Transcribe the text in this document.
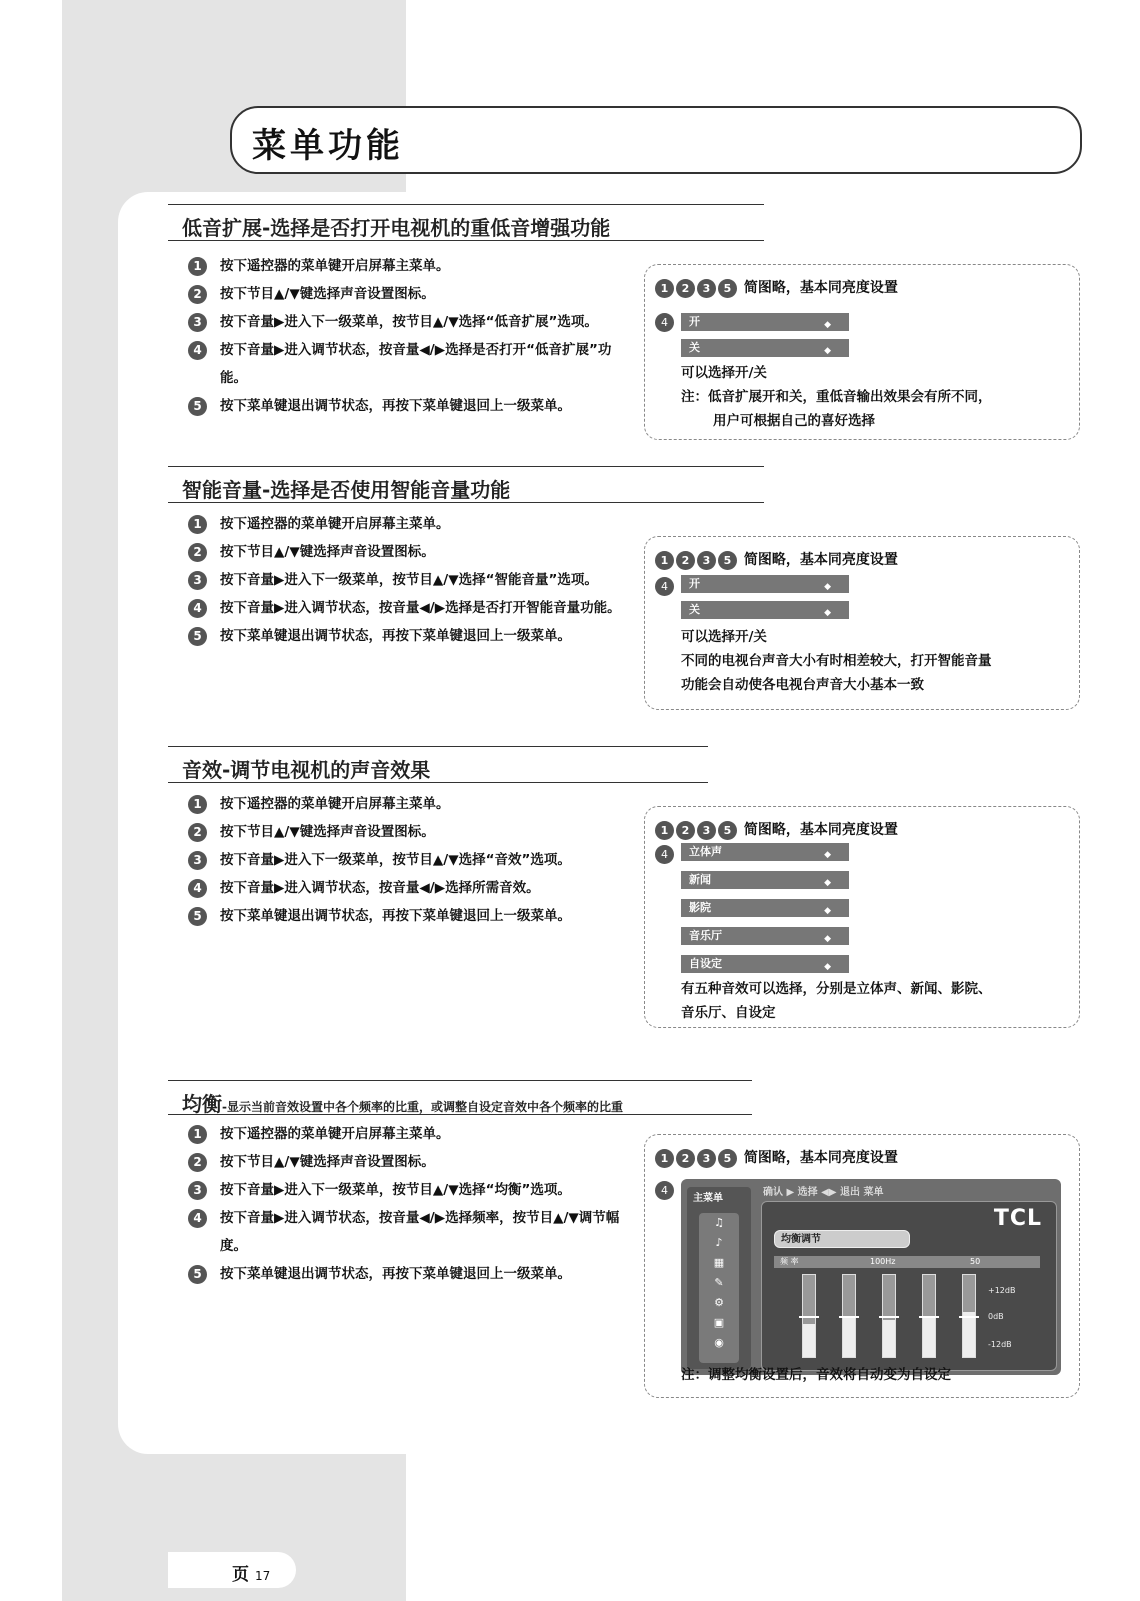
菜单功能
低音扩展-选择是否打开电视机的重低音增强功能
1	按下遥控器的菜单键开启屏幕主菜单。
2	按下节目▲/▼键选择声音设置图标。
3	按下音量▶进入下一级菜单，按节目▲/▼选择“低音扩展”选项。
4	按下音量▶进入调节状态，按音量◀/▶选择是否打开“低音扩展”功能。
5	按下菜单键退出调节状态，再按下菜单键退回上一级菜单。
1 2 3 5 简图略，基本同亮度设置
4	开	◆
关	◆
可以选择开/关
注：低音扩展开和关，重低音输出效果会有所不同，
用户可根据自己的喜好选择
智能音量-选择是否使用智能音量功能
1	按下遥控器的菜单键开启屏幕主菜单。
2	按下节目▲/▼键选择声音设置图标。
3	按下音量▶进入下一级菜单，按节目▲/▼选择“智能音量”选项。
4	按下音量▶进入调节状态，按音量◀/▶选择是否打开智能音量功能。
5	按下菜单键退出调节状态，再按下菜单键退回上一级菜单。
1 2 3 5 简图略，基本同亮度设置
4	开	◆
关	◆
可以选择开/关
不同的电视台声音大小有时相差较大，打开智能音量
功能会自动使各电视台声音大小基本一致
音效-调节电视机的声音效果
1	按下遥控器的菜单键开启屏幕主菜单。
2	按下节目▲/▼键选择声音设置图标。
3	按下音量▶进入下一级菜单，按节目▲/▼选择“音效”选项。
4	按下音量▶进入调节状态，按音量◀/▶选择所需音效。
5	按下菜单键退出调节状态，再按下菜单键退回上一级菜单。
1 2 3 5 简图略，基本同亮度设置
4	立体声	◆
新闻	◆
影院	◆
音乐厅	◆
自设定	◆
有五种音效可以选择，分别是立体声、新闻、影院、
音乐厅、自设定
均衡-显示当前音效设置中各个频率的比重，或调整自设定音效中各个频率的比重
1	按下遥控器的菜单键开启屏幕主菜单。
2	按下节目▲/▼键选择声音设置图标。
3	按下音量▶进入下一级菜单，按节目▲/▼选择“均衡”选项。
4	按下音量▶进入调节状态，按音量◀/▶选择频率，按节目▲/▼调节幅度。
5	按下菜单键退出调节状态，再按下菜单键退回上一级菜单。
1 2 3 5 简图略，基本同亮度设置
4
主菜单
♫
♪
▦
✎
⚙
▣
◉
确认 ▶ 选择 ◀▶ 退出 菜单
TCL
均衡调节
频 率	100Hz	50
+12dB
0dB
-12dB
注：调整均衡设置后，音效将自动变为自设定
页 17
